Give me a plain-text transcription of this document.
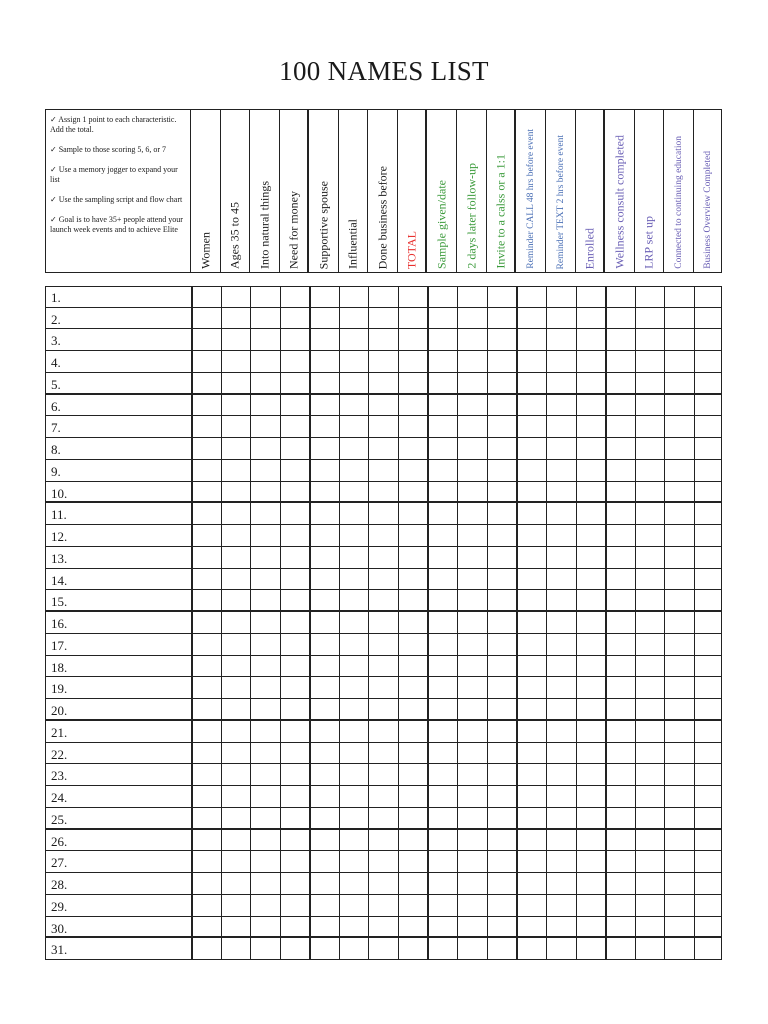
100 NAMES LIST

✓ Assign 1 point to each characteristic. Add the total.

✓ Sample to those scoring 5, 6, or 7

✓ Use a memory jogger to expand your list

✓ Use the sampling script and flow chart

✓ Goal is to have 35+ people attend your launch week events and to achieve Elite

Women Ages 35 to 45 Into natural things Need for money Supportive spouse Influential Done business before TOTAL Sample given/date 2 days later follow-up Invite to a calss or a 1:1 Reminder CALL 48 hrs before event Reminder TEXT 2 hrs before event Enrolled Wellness consult completed LRP set up Connected to continuing education Business Overview Completed
1.
2.
3.
4.
5.
6.
7.
8.
9.
10.
11.
12.
13.
14.
15.
16.
17.
18.
19.
20.
21.
22.
23.
24.
25.
26.
27.
28.
29.
30.
31.
